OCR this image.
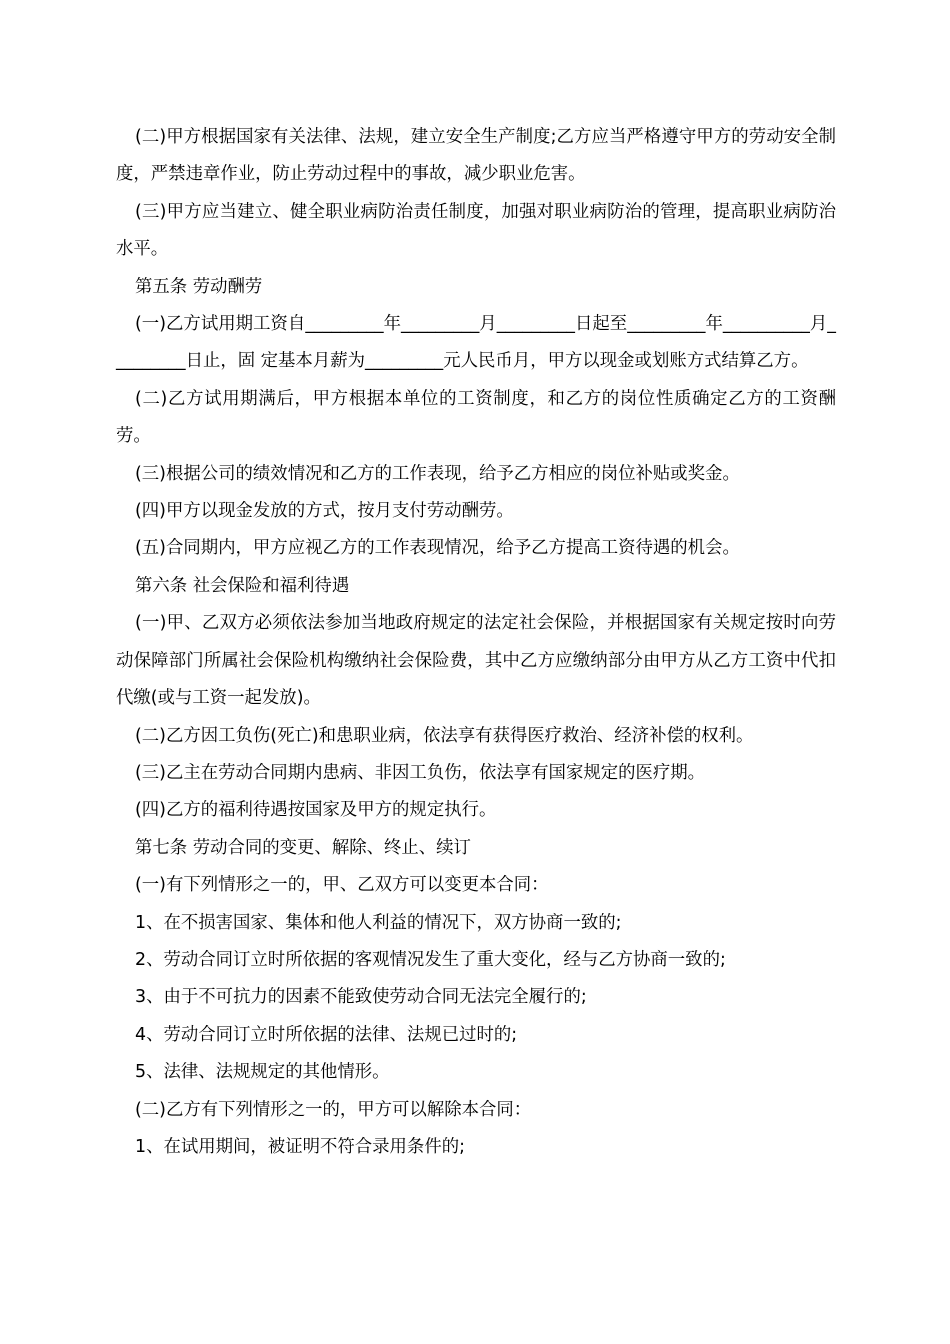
(二)甲方根据国家有关法律、法规，建立安全生产制度;乙方应当严格遵守甲方的劳动安全制度，严禁违章作业，防止劳动过程中的事故，减少职业危害。

(三)甲方应当建立、健全职业病防治责任制度，加强对职业病防治的管理，提高职业病防治水平。

第五条 劳动酬劳

(一)乙方试用期工资自_________年_________月_________日起至_________年__________月_________日止，固 定基本月薪为_________元人民币月，甲方以现金或划账方式结算乙方。

(二)乙方试用期满后，甲方根据本单位的工资制度，和乙方的岗位性质确定乙方的工资酬劳。

(三)根据公司的绩效情况和乙方的工作表现，给予乙方相应的岗位补贴或奖金。

(四)甲方以现金发放的方式，按月支付劳动酬劳。

(五)合同期内，甲方应视乙方的工作表现情况，给予乙方提高工资待遇的机会。

第六条 社会保险和福利待遇

(一)甲、乙双方必须依法参加当地政府规定的法定社会保险，并根据国家有关规定按时向劳动保障部门所属社会保险机构缴纳社会保险费，其中乙方应缴纳部分由甲方从乙方工资中代扣代缴(或与工资一起发放)。

(二)乙方因工负伤(死亡)和患职业病，依法享有获得医疗救治、经济补偿的权利。

(三)乙主在劳动合同期内患病、非因工负伤，依法享有国家规定的医疗期。

(四)乙方的福利待遇按国家及甲方的规定执行。

第七条 劳动合同的变更、解除、终止、续订

(一)有下列情形之一的，甲、乙双方可以变更本合同：

1、在不损害国家、集体和他人利益的情况下，双方协商一致的;

2、劳动合同订立时所依据的客观情况发生了重大变化，经与乙方协商一致的;

3、由于不可抗力的因素不能致使劳动合同无法完全履行的;

4、劳动合同订立时所依据的法律、法规已过时的;

5、法律、法规规定的其他情形。

(二)乙方有下列情形之一的，甲方可以解除本合同：

1、在试用期间，被证明不符合录用条件的;
